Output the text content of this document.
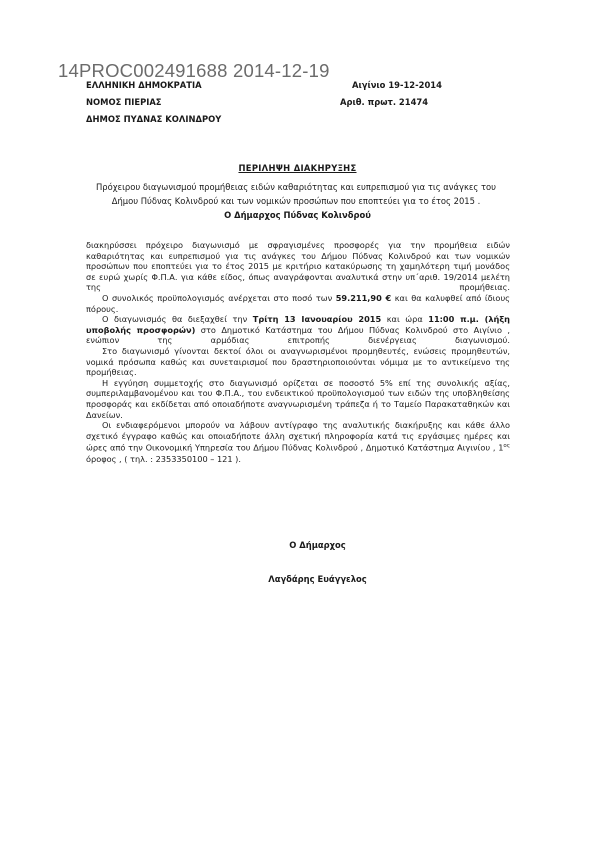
14PROC002491688 2014-12-19
ΕΛΛΗΝΙΚΗ ΔΗΜΟΚΡΑΤΙΑ
ΝΟΜΟΣ ΠΙΕΡΙΑΣ
ΔΗΜΟΣ ΠΥΔΝΑΣ ΚΟΛΙΝΔΡΟΥ
Αιγίνιο 19-12-2014
Αριθ. πρωτ. 21474
ΠΕΡΙΛΗΨΗ ΔΙΑΚΗΡΥΞΗΣ
Πρόχειρου διαγωνισμού προμήθειας ειδών καθαριότητας και ευπρεπισμού για τις ανάγκες του Δήμου Πύδνας Κολινδρού και των νομικών προσώπων που εποπτεύει για το έτος 2015 .
Ο Δήμαρχος Πύδνας Κολινδρού

διακηρύσσει πρόχειρο διαγωνισμό με σφραγισμένες προσφορές για την προμήθεια ειδών καθαριότητας και ευπρεπισμού για τις ανάγκες του Δήμου Πύδνας Κολινδρού και των νομικών προσώπων που εποπτεύει για το έτος 2015 με κριτήριο κατακύρωσης τη χαμηλότερη τιμή μονάδος σε ευρώ χωρίς Φ.Π.Α. για κάθε είδος, όπως αναγράφονται αναλυτικά στην υπ΄αριθ. 19/2014 μελέτη της προμήθειας.

Ο συνολικός προϋπολογισμός ανέρχεται στο ποσό των 59.211,90 € και θα καλυφθεί από ίδιους πόρους.

Ο διαγωνισμός θα διεξαχθεί την Τρίτη 13 Ιανουαρίου 2015 και ώρα 11:00 π.μ. (λήξη υποβολής προσφορών) στο Δημοτικό Κατάστημα του Δήμου Πύδνας Κολινδρού στο Αιγίνιο , ενώπιον της αρμόδιας επιτροπής διενέργειας διαγωνισμού.

Στο διαγωνισμό γίνονται δεκτοί όλοι οι αναγνωρισμένοι προμηθευτές, ενώσεις προμηθευτών, νομικά πρόσωπα καθώς και συνεταιρισμοί που δραστηριοποιούνται νόμιμα με το αντικείμενο της προμήθειας.

Η εγγύηση συμμετοχής στο διαγωνισμό ορίζεται σε ποσοστό 5% επί της συνολικής αξίας, συμπεριλαμβανομένου και του Φ.Π.Α., του ενδεικτικού προϋπολογισμού των ειδών της υποβληθείσης προσφοράς και εκδίδεται από οποιαδήποτε αναγνωρισμένη τράπεζα ή το Ταμείο Παρακαταθηκών και Δανείων.

Οι ενδιαφερόμενοι μπορούν να λάβουν αντίγραφο της αναλυτικής διακήρυξης και κάθε άλλο σχετικό έγγραφο καθώς και οποιαδήποτε άλλη σχετική πληροφορία κατά τις εργάσιμες ημέρες και ώρες από την Οικονομική Υπηρεσία του Δήμου Πύδνας Κολινδρού , Δημοτικό Κατάστημα Αιγινίου , $1^{o\varsigma}$ όροφος , ( τηλ. : 2353350100 – 121 ).

Ο Δήμαρχος
Λαγδάρης Ευάγγελος
